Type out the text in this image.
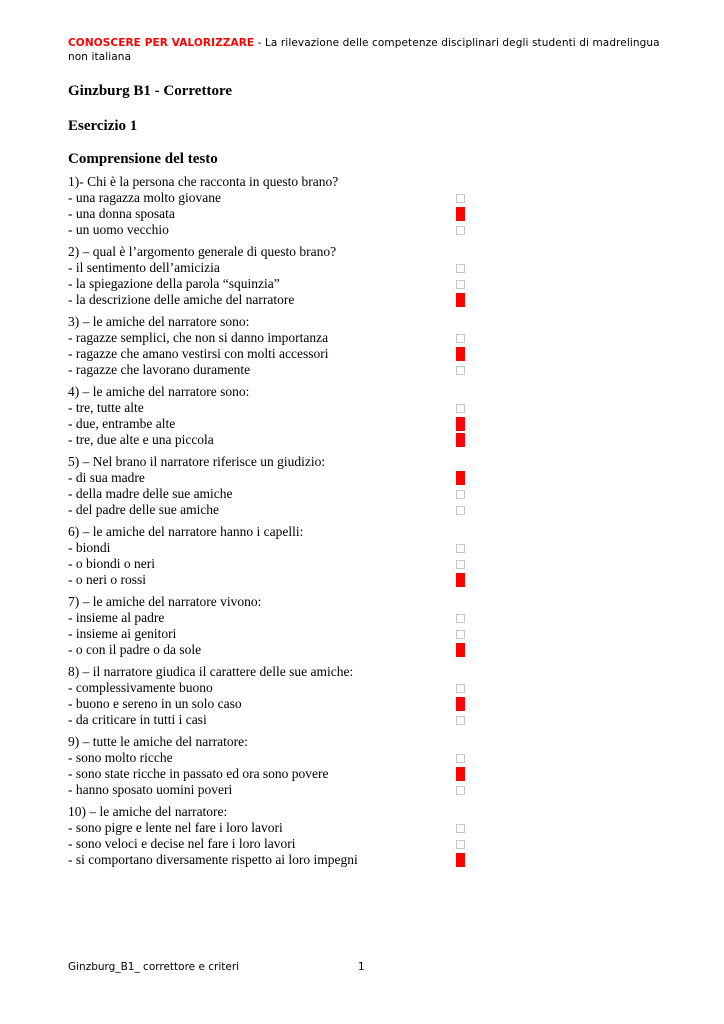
CONOSCERE PER VALORIZZARE - La rilevazione delle competenze disciplinari degli studenti di madrelingua non italiana
Ginzburg B1 - Correttore
Esercizio 1
Comprensione del testo
1)- Chi è la persona che racconta in questo brano?
- una ragazza molto giovane
- una donna sposata
- un uomo vecchio
2) – qual è l’argomento generale di questo brano?
- il sentimento dell’amicizia
- la spiegazione della parola “squinzia”
- la descrizione delle amiche del narratore
3) – le amiche del narratore sono:
- ragazze semplici, che non si danno importanza
- ragazze che amano vestirsi con molti accessori
- ragazze che lavorano duramente
4) – le amiche del narratore sono:
- tre, tutte alte
- due, entrambe alte
- tre, due alte e una piccola
5) – Nel brano il narratore riferisce un giudizio:
- di sua madre
- della madre delle sue amiche
- del padre delle sue amiche
6) – le amiche del narratore hanno i capelli:
- biondi
- o biondi o neri
- o neri o rossi
7) – le amiche del narratore vivono:
- insieme al padre
- insieme ai genitori
- o con il padre o da sole
8) – il narratore giudica il carattere delle sue amiche:
- complessivamente buono
- buono e sereno in un solo caso
- da criticare in tutti i casi
9) – tutte le amiche del narratore:
- sono molto ricche
- sono state ricche in passato ed ora sono povere
- hanno sposato uomini poveri
10) – le amiche del narratore:
- sono pigre e lente nel fare i loro lavori
- sono veloci e decise nel fare i loro lavori
- si comportano diversamente rispetto ai loro impegni
Ginzburg_B1_ correttore e criteri	1
